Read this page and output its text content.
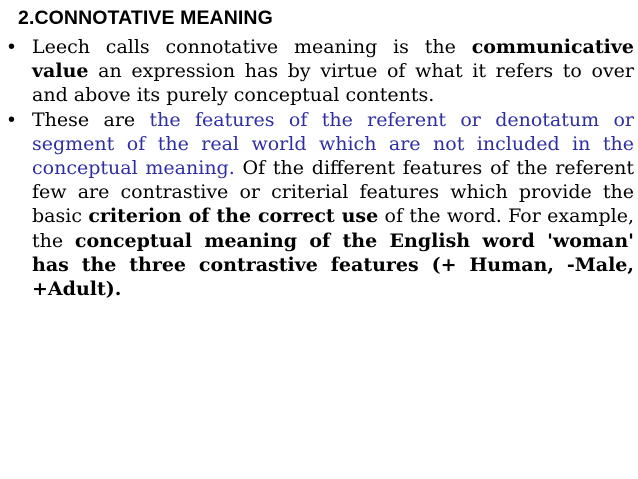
2.CONNOTATIVE MEANING
• Leech calls connotative meaning is the communicative value an expression has by virtue of what it refers to over and above its purely conceptual contents.

• These are the features of the referent or denotatum or segment of the real world which are not included in the conceptual meaning. Of the different features of the referent few are contrastive or criterial features which provide the basic criterion of the correct use of the word. For example, the conceptual meaning of the English word 'woman' has the three contrastive features (+ Human, -Male, +Adult).
